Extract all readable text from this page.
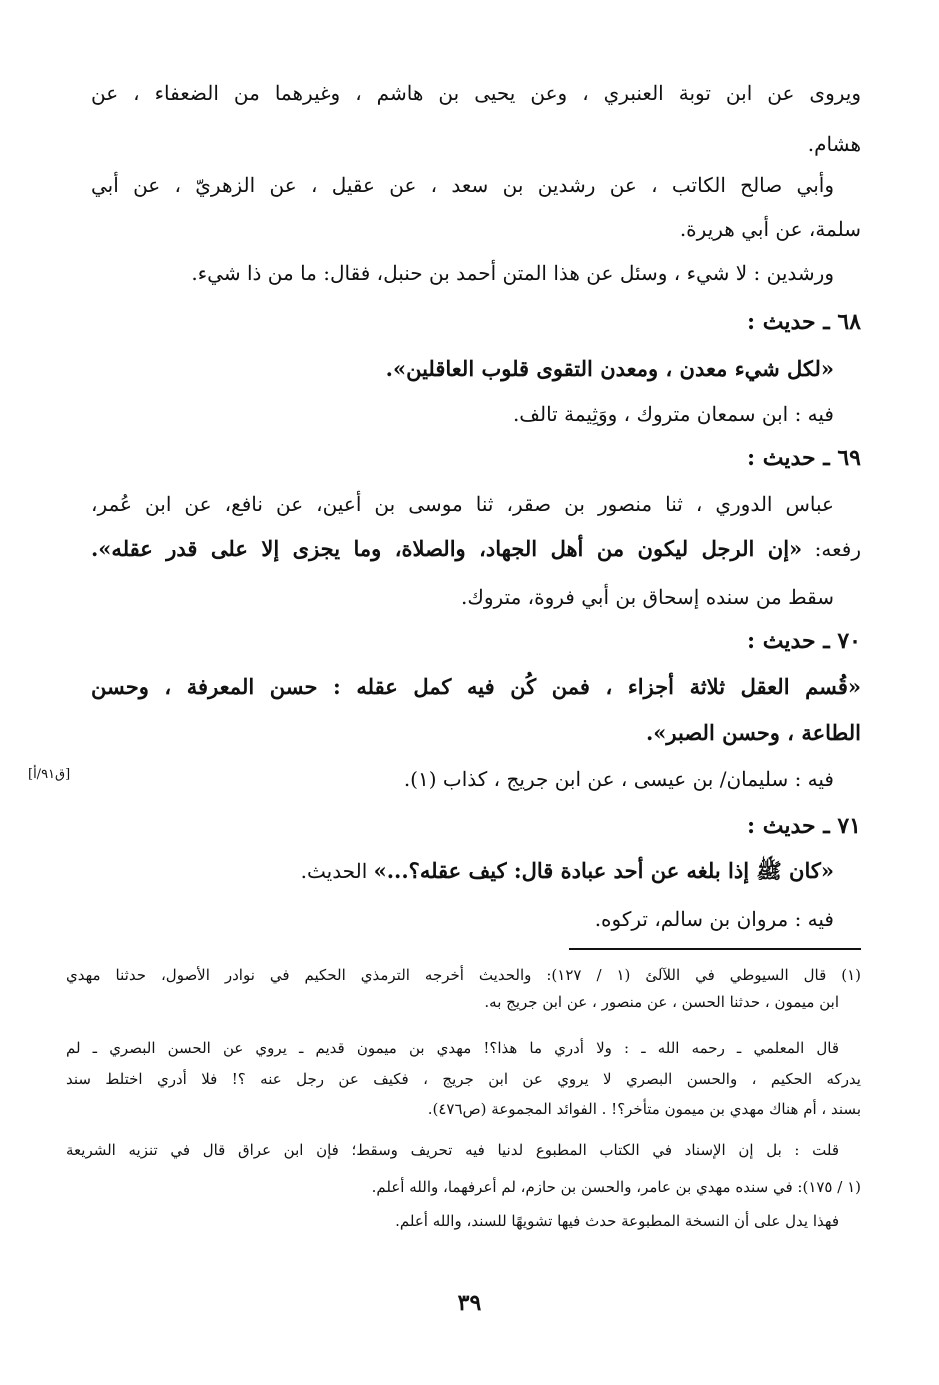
ويروى عن ابن توبة العنبري ، وعن يحيى بن هاشم ، وغيرهما من الضعفاء ، عن
هشام.
وأبي صالح الكاتب ، عن رشدين بن سعد ، عن عقيل ، عن الزهريّ ، عن أبي
سلمة، عن أبي هريرة.
ورشدين : لا شيء ، وسئل عن هذا المتن أحمد بن حنبل، فقال: ما من ذا شيء.
٦٨ ـ حديث :
«لكل شيء معدن ، ومعدن التقوى قلوب العاقلين».
فيه : ابن سمعان متروك ، ووَثِيمة تالف.
٦٩ ـ حديث :
عباس الدوري ، ثنا منصور بن صقر، ثنا موسى بن أعين، عن نافع، عن ابن عُمر،
رفعه: «إن الرجل ليكون من أهل الجهاد، والصلاة، وما يجزى إلا على قدر عقله».
سقط من سنده إسحاق بن أبي فروة، متروك.
٧٠ ـ حديث :
«قُسم العقل ثلاثة أجزاء ، فمن كُن فيه كمل عقله : حسن المعرفة ، وحسن
الطاعة ، وحسن الصبر».
فيه : سليمان/ بن عيسى ، عن ابن جريج ، كذاب (١).
[ق٩١/أ]
٧١ ـ حديث :
«كان ﷺ إذا بلغه عن أحد عبادة قال: كيف عقله؟...» الحديث.
فيه : مروان بن سالم، تركوه.
(١) قال السيوطي في اللآلئ (١ / ١٢٧): والحديث أخرجه الترمذي الحكيم في نوادر الأصول، حدثنا مهدي
ابن ميمون ، حدثنا الحسن ، عن منصور ، عن ابن جريج به.
قال المعلمي ـ رحمه الله ـ : ولا أدري ما هذا؟! مهدي بن ميمون قديم ـ يروي عن الحسن البصري ـ لم
يدركه الحكيم ، والحسن البصري لا يروي عن ابن جريج ، فكيف عن رجل عنه ؟! فلا أدري اختلط سند
بسند ، أم هناك مهدي بن ميمون متأخر؟! . الفوائد المجموعة (ص٤٧٦).
قلت : بل إن الإسناد في الكتاب المطبوع لدنيا فيه تحريف وسقط؛ فإن ابن عراق قال في تنزيه الشريعة
(١ / ١٧٥): في سنده مهدي بن عامر، والحسن بن حازم، لم أعرفهما، والله أعلم.
فهذا يدل على أن النسخة المطبوعة حدث فيها تشويهًا للسند، والله أعلم.
٣٩
